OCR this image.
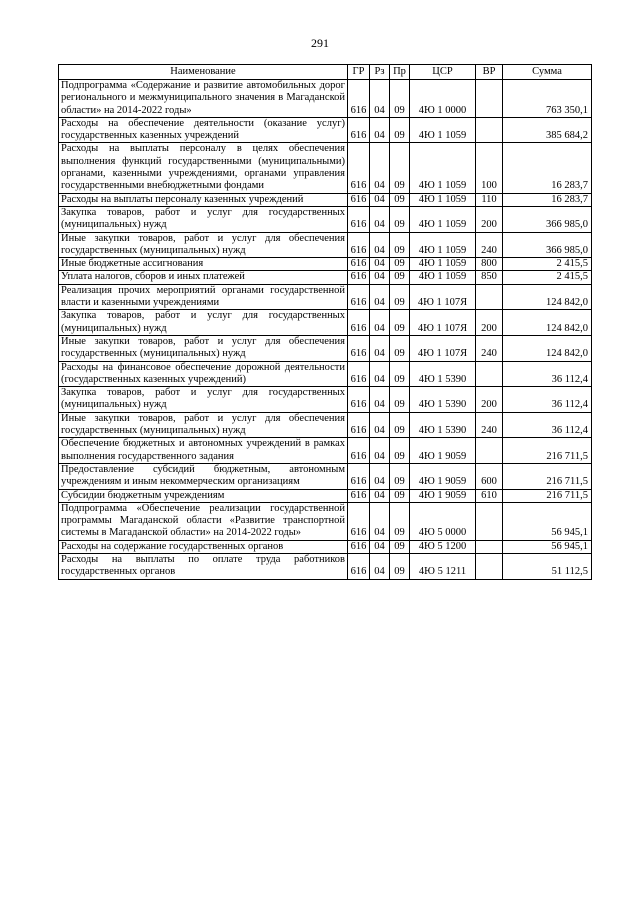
291
Наименование	ГР	Рз	Пр	ЦСР	ВР	Сумма
Подпрограмма «Содержание и развитие автомобильных дорог регионального и межмуниципального значения в Магаданской области» на 2014-2022 годы»	616	04	09	4Ю 1 0000		763 350,1
Расходы на обеспечение деятельности (оказание услуг) государственных казенных учреждений	616	04	09	4Ю 1 1059		385 684,2
Расходы на выплаты персоналу в целях обеспечения выполнения функций государственными (муниципальными) органами, казенными учреждениями, органами управления государственными внебюджетными фондами	616	04	09	4Ю 1 1059	100	16 283,7
Расходы на выплаты персоналу казенных учреждений	616	04	09	4Ю 1 1059	110	16 283,7
Закупка товаров, работ и услуг для государственных (муниципальных) нужд	616	04	09	4Ю 1 1059	200	366 985,0
Иные закупки товаров, работ и услуг для обеспечения государственных (муниципальных) нужд	616	04	09	4Ю 1 1059	240	366 985,0
Иные бюджетные ассигнования	616	04	09	4Ю 1 1059	800	2 415,5
Уплата налогов, сборов и иных платежей	616	04	09	4Ю 1 1059	850	2 415,5
Реализация прочих мероприятий органами государственной власти и казенными учреждениями	616	04	09	4Ю 1 107Я		124 842,0
Закупка товаров, работ и услуг для государственных (муниципальных) нужд	616	04	09	4Ю 1 107Я	200	124 842,0
Иные закупки товаров, работ и услуг для обеспечения государственных (муниципальных) нужд	616	04	09	4Ю 1 107Я	240	124 842,0
Расходы на финансовое обеспечение дорожной деятельности (государственных казенных учреждений)	616	04	09	4Ю 1 5390		36 112,4
Закупка товаров, работ и услуг для государственных (муниципальных) нужд	616	04	09	4Ю 1 5390	200	36 112,4
Иные закупки товаров, работ и услуг для обеспечения государственных (муниципальных) нужд	616	04	09	4Ю 1 5390	240	36 112,4
Обеспечение бюджетных и автономных учреждений в рамках выполнения государственного задания	616	04	09	4Ю 1 9059		216 711,5
Предоставление субсидий бюджетным, автономным учреждениям и иным некоммерческим организациям	616	04	09	4Ю 1 9059	600	216 711,5
Субсидии бюджетным учреждениям	616	04	09	4Ю 1 9059	610	216 711,5
Подпрограмма «Обеспечение реализации государственной программы Магаданской области «Развитие транспортной системы в Магаданской области» на 2014-2022 годы»	616	04	09	4Ю 5 0000		56 945,1
Расходы на содержание государственных органов	616	04	09	4Ю 5 1200		56 945,1
Расходы на выплаты по оплате труда работников государственных органов	616	04	09	4Ю 5 1211		51 112,5
